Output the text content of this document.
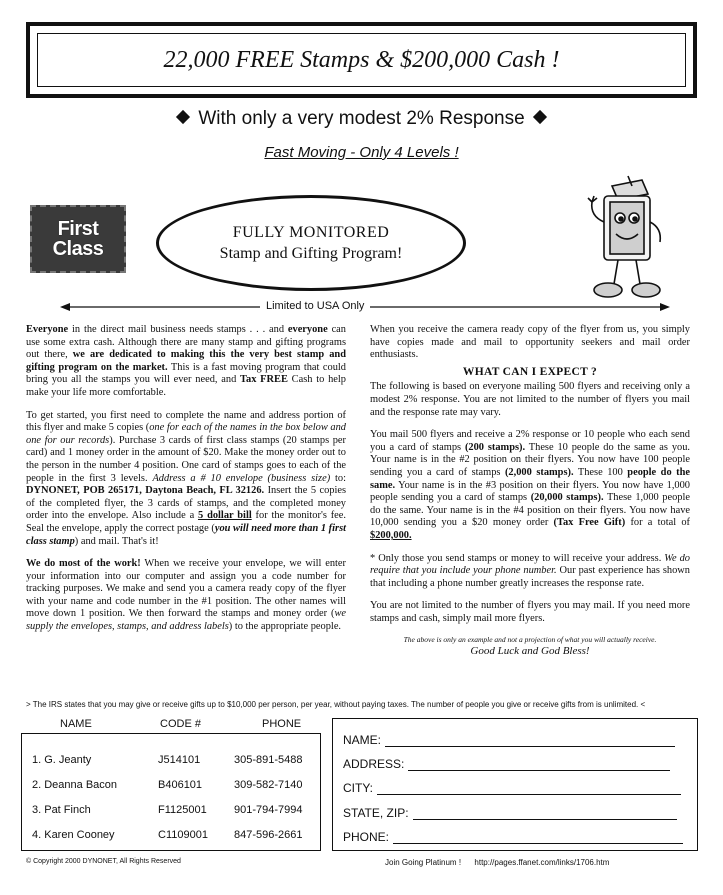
22,000 FREE Stamps & $200,000 Cash !
With only a very modest 2% Response
Fast Moving - Only 4 Levels !
First
Class
FULLY MONITORED
Stamp and Gifting Program!
Limited to USA Only

Everyone in the direct mail business needs stamps . . . and everyone can use some extra cash. Although there are many stamp and gifting programs out there, we are dedicated to making this the very best stamp and gifting program on the market. This is a fast moving program that could bring you all the stamps you will ever need, and Tax FREE Cash to help make your life more comfortable.

To get started, you first need to complete the name and address portion of this flyer and make 5 copies (one for each of the names in the box below and one for our records). Purchase 3 cards of first class stamps (20 stamps per card) and 1 money order in the amount of $20. Make the money order out to the person in the number 4 position. One card of stamps goes to each of the people in the first 3 levels. Address a # 10 envelope (business size) to: DYNONET, POB 265171, Daytona Beach, FL 32126. Insert the 5 copies of the completed flyer, the 3 cards of stamps, and the completed money order into the envelope. Also include a 5 dollar bill for the monitor's fee. Seal the envelope, apply the correct postage (you will need more than 1 first class stamp) and mail. That's it!

We do most of the work! When we receive your envelope, we will enter your information into our computer and assign you a code number for tracking purposes. We make and send you a camera ready copy of the flyer with your name and code number in the #1 position. The other names will move down 1 position. We then forward the stamps and money order (we supply the envelopes, stamps, and address labels) to the appropriate people.

When you receive the camera ready copy of the flyer from us, you simply have copies made and mail to opportunity seekers and mail order enthusiasts.

WHAT CAN I EXPECT ?

The following is based on everyone mailing 500 flyers and receiving only a modest 2% response. You are not limited to the number of flyers you mail and the response rate may vary.

You mail 500 flyers and receive a 2% response or 10 people who each send you a card of stamps (200 stamps). These 10 people do the same as you. Your name is in the #2 position on their flyers. You now have 100 people sending you a card of stamps (2,000 stamps). These 100 people do the same. Your name is in the #3 position on their flyers. You now have 1,000 people sending you a card of stamps (20,000 stamps). These 1,000 people do the same. Your name is in the #4 position on their flyers. You now have 10,000 sending you a $20 money order (Tax Free Gift) for a total of $200,000.

* Only those you send stamps or money to will receive your address. We do require that you include your phone number. Our past experience has shown that including a phone number greatly increases the response rate.

You are not limited to the number of flyers you may mail. If you need more stamps and cash, simply mail more flyers.

The above is only an example and not a projection of what you will actually receive.

Good Luck and God Bless!

> The IRS states that you may give or receive gifts up to $10,000 per person, per year, without paying taxes. The number of people you give or receive gifts from is unlimited. <
NAME	CODE #	PHONE
1. G. Jeanty	J514101	305-891-5488
2. Deanna Bacon	B406101	309-582-7140
3. Pat Finch	F1125001 901-794-7994
4. Karen Cooney	C1109001 847-596-2661
NAME:
ADDRESS:
CITY:
STATE, ZIP:
PHONE:
© Copyright 2000 DYNONET, All Rights Reserved	Join Going Platinum ! http://pages.ffanet.com/links/1706.htm
